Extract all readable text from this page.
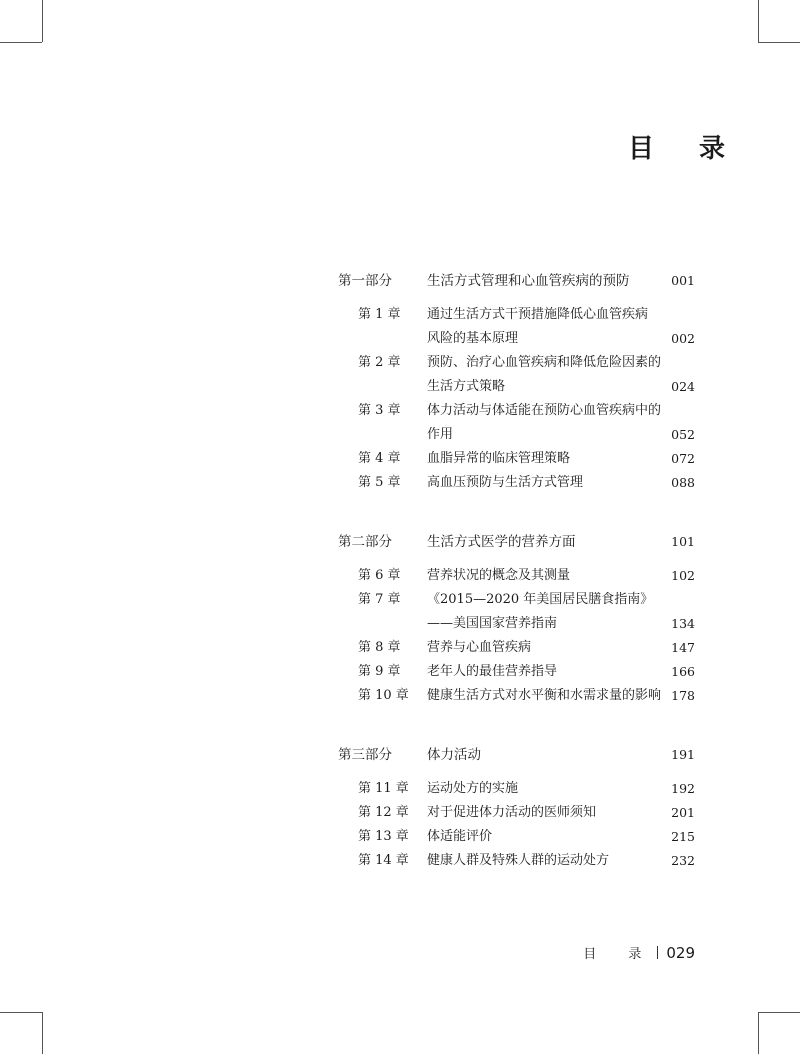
目 录
第一部分	生活方式管理和心血管疾病的预防	001
第 1 章 通过生活方式干预措施降低心血管疾病
风险的基本原理	002
第 2 章 预防、治疗心血管疾病和降低危险因素的
生活方式策略	024
第 3 章 体力活动与体适能在预防心血管疾病中的
作用	052
第 4 章 血脂异常的临床管理策略	072
第 5 章 高血压预防与生活方式管理	088
第二部分	生活方式医学的营养方面	101
第 6 章 营养状况的概念及其测量	102
第 7 章 《2015—2020 年美国居民膳食指南》
——美国国家营养指南	134
第 8 章 营养与心血管疾病	147
第 9 章 老年人的最佳营养指导	166
第 10 章 健康生活方式对水平衡和水需求量的影响 178
第三部分	体力活动	191
第 11 章 运动处方的实施	192
第 12 章 对于促进体力活动的医师须知	201
第 13 章 体适能评价	215
第 14 章 健康人群及特殊人群的运动处方	232
目 录 029
